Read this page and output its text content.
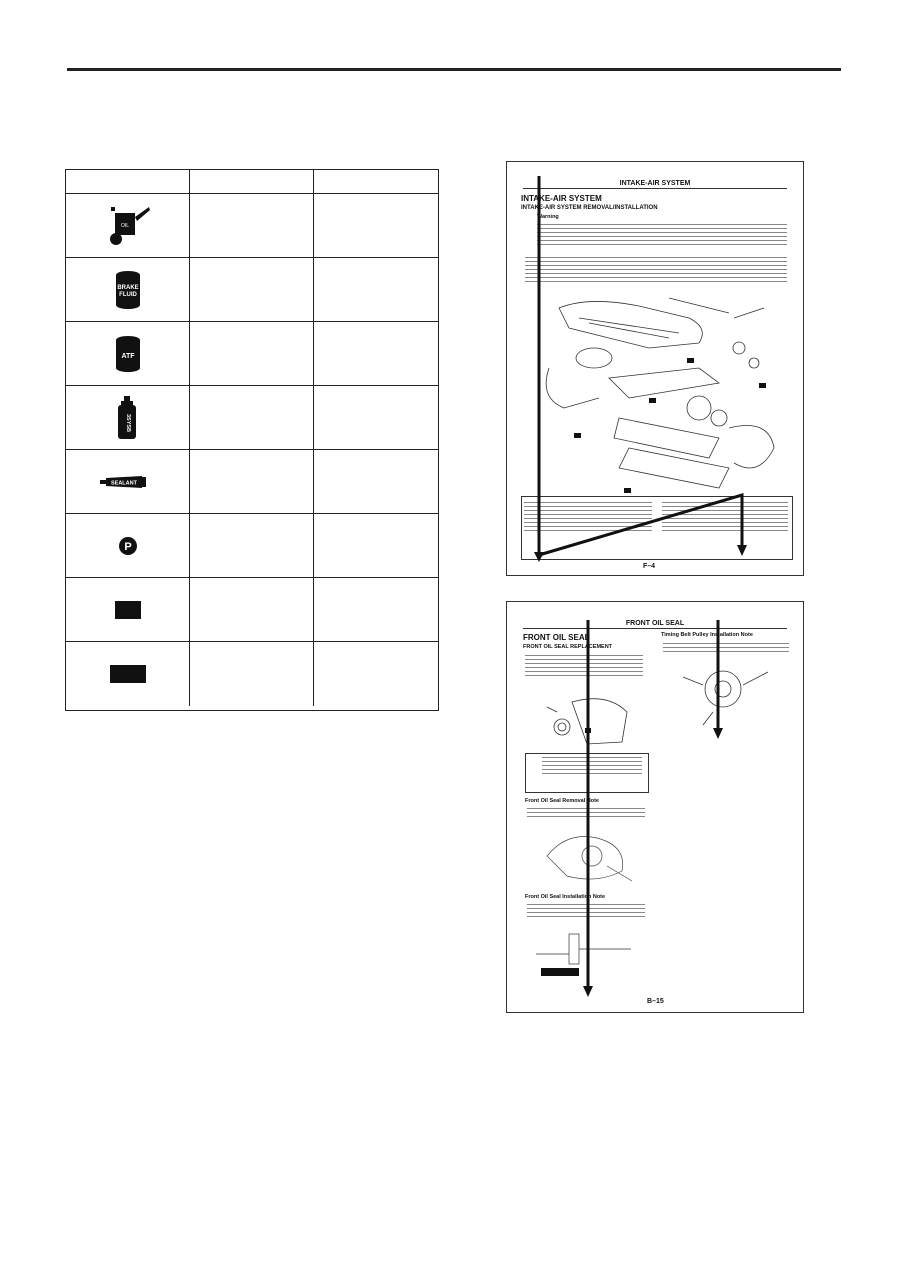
OIL
BRAKE
FLUID
ATF
3SYSB
SEALANT
P
INTAKE-AIR SYSTEM
INTAKE-AIR SYSTEM
INTAKE-AIR SYSTEM REMOVAL/INSTALLATION
Warning
F–4
FRONT OIL SEAL
FRONT OIL SEAL
FRONT OIL SEAL REPLACEMENT
Front Oil Seal Removal Note
Front Oil Seal Installation Note
Timing Belt Pulley Installation Note
B–15
